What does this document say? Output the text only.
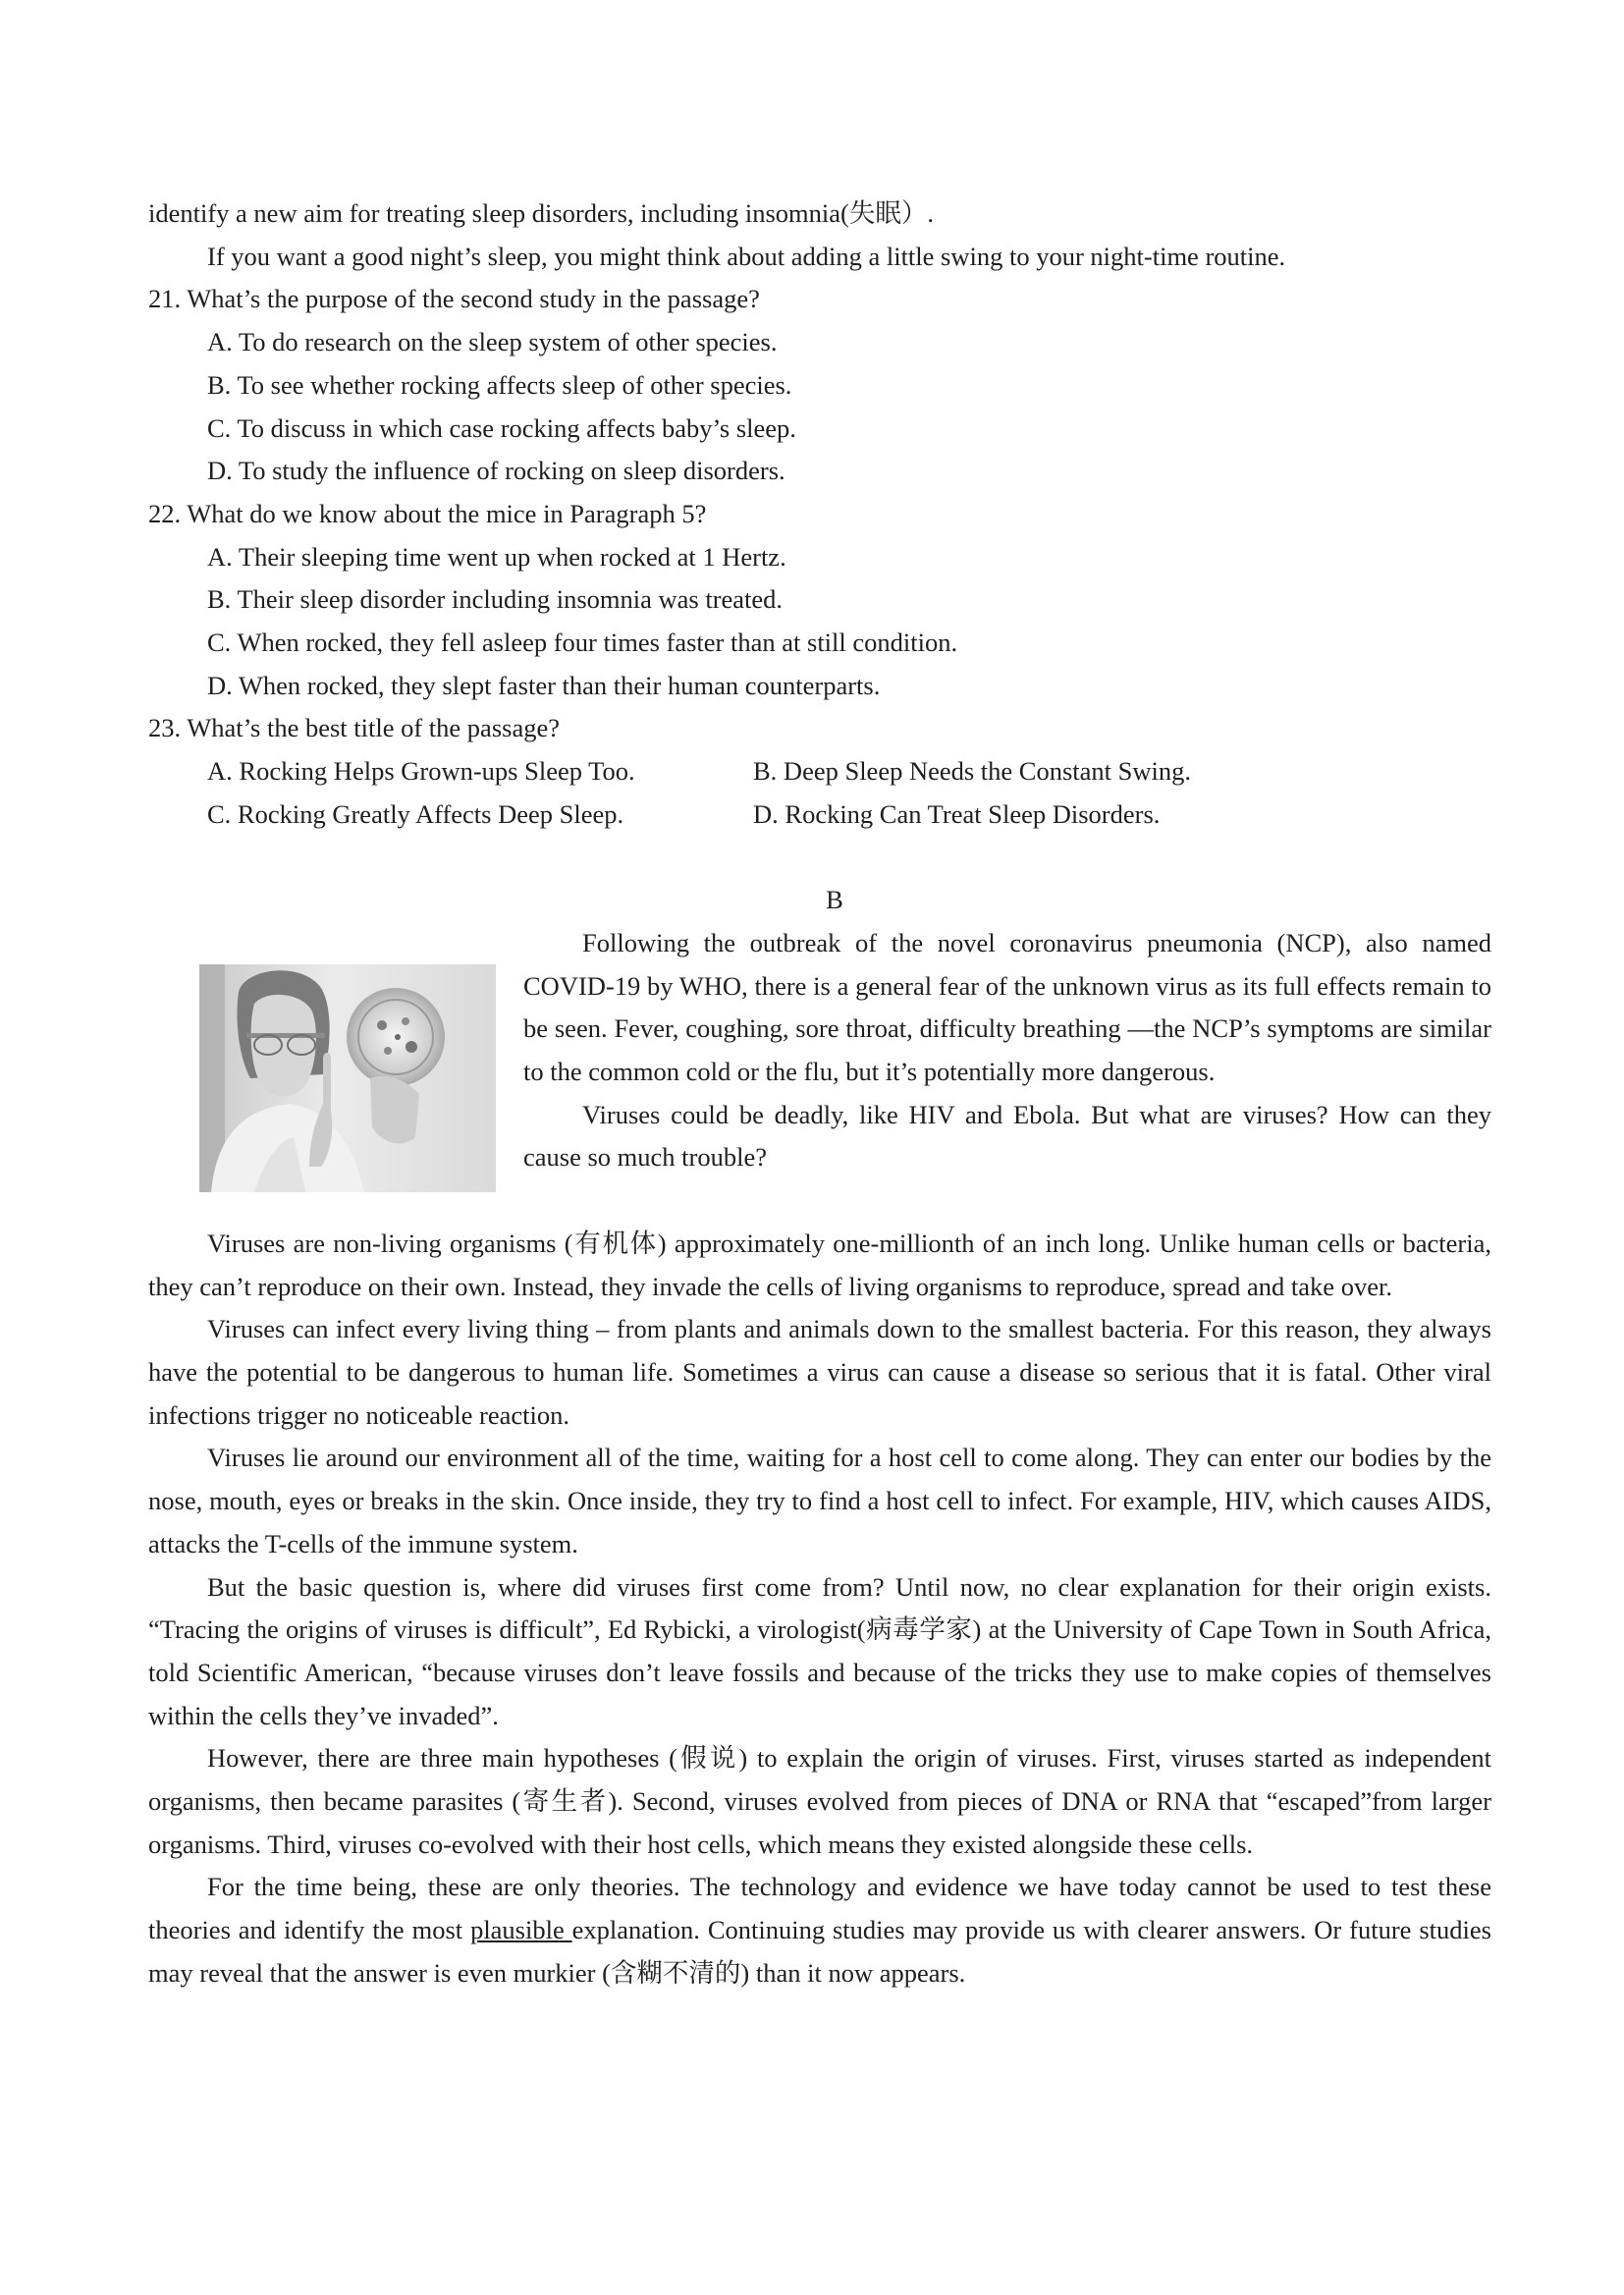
identify a new aim for treating sleep disorders, including insomnia(失眠）.

If you want a good night’s sleep, you might think about adding a little swing to your night-time routine.

21. What’s the purpose of the second study in the passage?

A. To do research on the sleep system of other species.

B. To see whether rocking affects sleep of other species.

C. To discuss in which case rocking affects baby’s sleep.

D. To study the influence of rocking on sleep disorders.

22. What do we know about the mice in Paragraph 5?

A. Their sleeping time went up when rocked at 1 Hertz.

B. Their sleep disorder including insomnia was treated.

C. When rocked, they fell asleep four times faster than at still condition.

D. When rocked, they slept faster than their human counterparts.

23. What’s the best title of the passage?

A. Rocking Helps Grown-ups Sleep Too.	B. Deep Sleep Needs the Constant Swing.
C. Rocking Greatly Affects Deep Sleep.	D. Rocking Can Treat Sleep Disorders.

B

Following the outbreak of the novel coronavirus pneumonia (NCP), also named COVID-19 by WHO, there is a general fear of the unknown virus as its full effects remain to be seen. Fever, coughing, sore throat, difficulty breathing —the NCP’s symptoms are similar to the common cold or the flu, but it’s potentially more dangerous.

Viruses could be deadly, like HIV and Ebola. But what are viruses? How can they cause so much trouble?

Viruses are non-living organisms (有机体) approximately one-millionth of an inch long. Unlike human cells or bacteria, they can’t reproduce on their own. Instead, they invade the cells of living organisms to reproduce, spread and take over.

Viruses can infect every living thing – from plants and animals down to the smallest bacteria. For this reason, they always have the potential to be dangerous to human life. Sometimes a virus can cause a disease so serious that it is fatal. Other viral infections trigger no noticeable reaction.

Viruses lie around our environment all of the time, waiting for a host cell to come along. They can enter our bodies by the nose, mouth, eyes or breaks in the skin. Once inside, they try to find a host cell to infect. For example, HIV, which causes AIDS, attacks the T-cells of the immune system.

But the basic question is, where did viruses first come from? Until now, no clear explanation for their origin exists. “Tracing the origins of viruses is difficult”, Ed Rybicki, a virologist(病毒学家) at the University of Cape Town in South Africa, told Scientific American, “because viruses don’t leave fossils and because of the tricks they use to make copies of themselves within the cells they’ve invaded”.

However, there are three main hypotheses (假说) to explain the origin of viruses. First, viruses started as independent organisms, then became parasites (寄生者). Second, viruses evolved from pieces of DNA or RNA that “escaped”from larger organisms. Third, viruses co-evolved with their host cells, which means they existed alongside these cells.

For the time being, these are only theories. The technology and evidence we have today cannot be used to test these theories and identify the most plausible explanation. Continuing studies may provide us with clearer answers. Or future studies may reveal that the answer is even murkier (含糊不清的) than it now appears.
